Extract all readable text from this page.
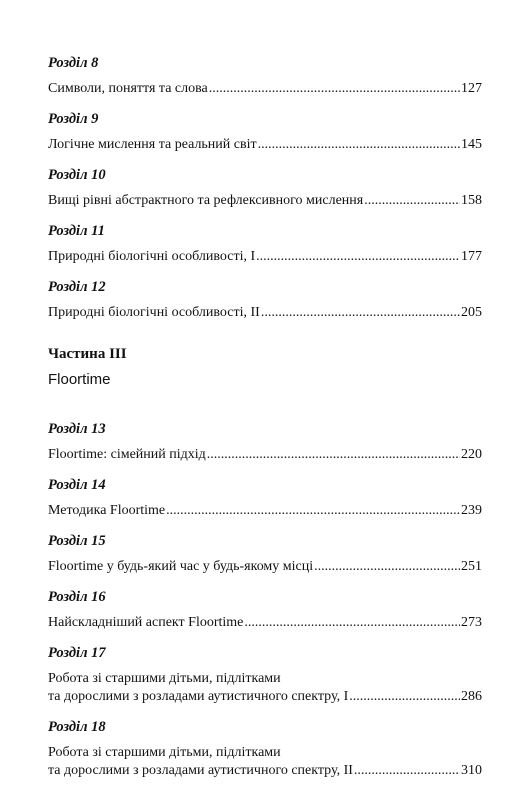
Розділ 8
Символи, поняття та слова .....	127
Розділ 9
Логічне мислення та реальний світ .....	145
Розділ 10
Вищі рівні абстрактного та рефлексивного мислення .....	158
Розділ 11
Природні біологічні особливості, І .....	177
Розділ 12
Природні біологічні особливості, ІІ .....	205
Частина ІІІ
Floortime
Розділ 13
Floortime: сімейний підхід .....	220
Розділ 14
Методика Floortime .....	239
Розділ 15
Floortime у будь-який час у будь-якому місці .....	251
Розділ 16
Найскладніший аспект Floortime .....	273
Розділ 17
Робота зі старшими дітьми, підлітками
та дорослими з розладами аутистичного спектру, І .....	286
Розділ 18
Робота зі старшими дітьми, підлітками
та дорослими з розладами аутистичного спектру, ІІ .....	310
